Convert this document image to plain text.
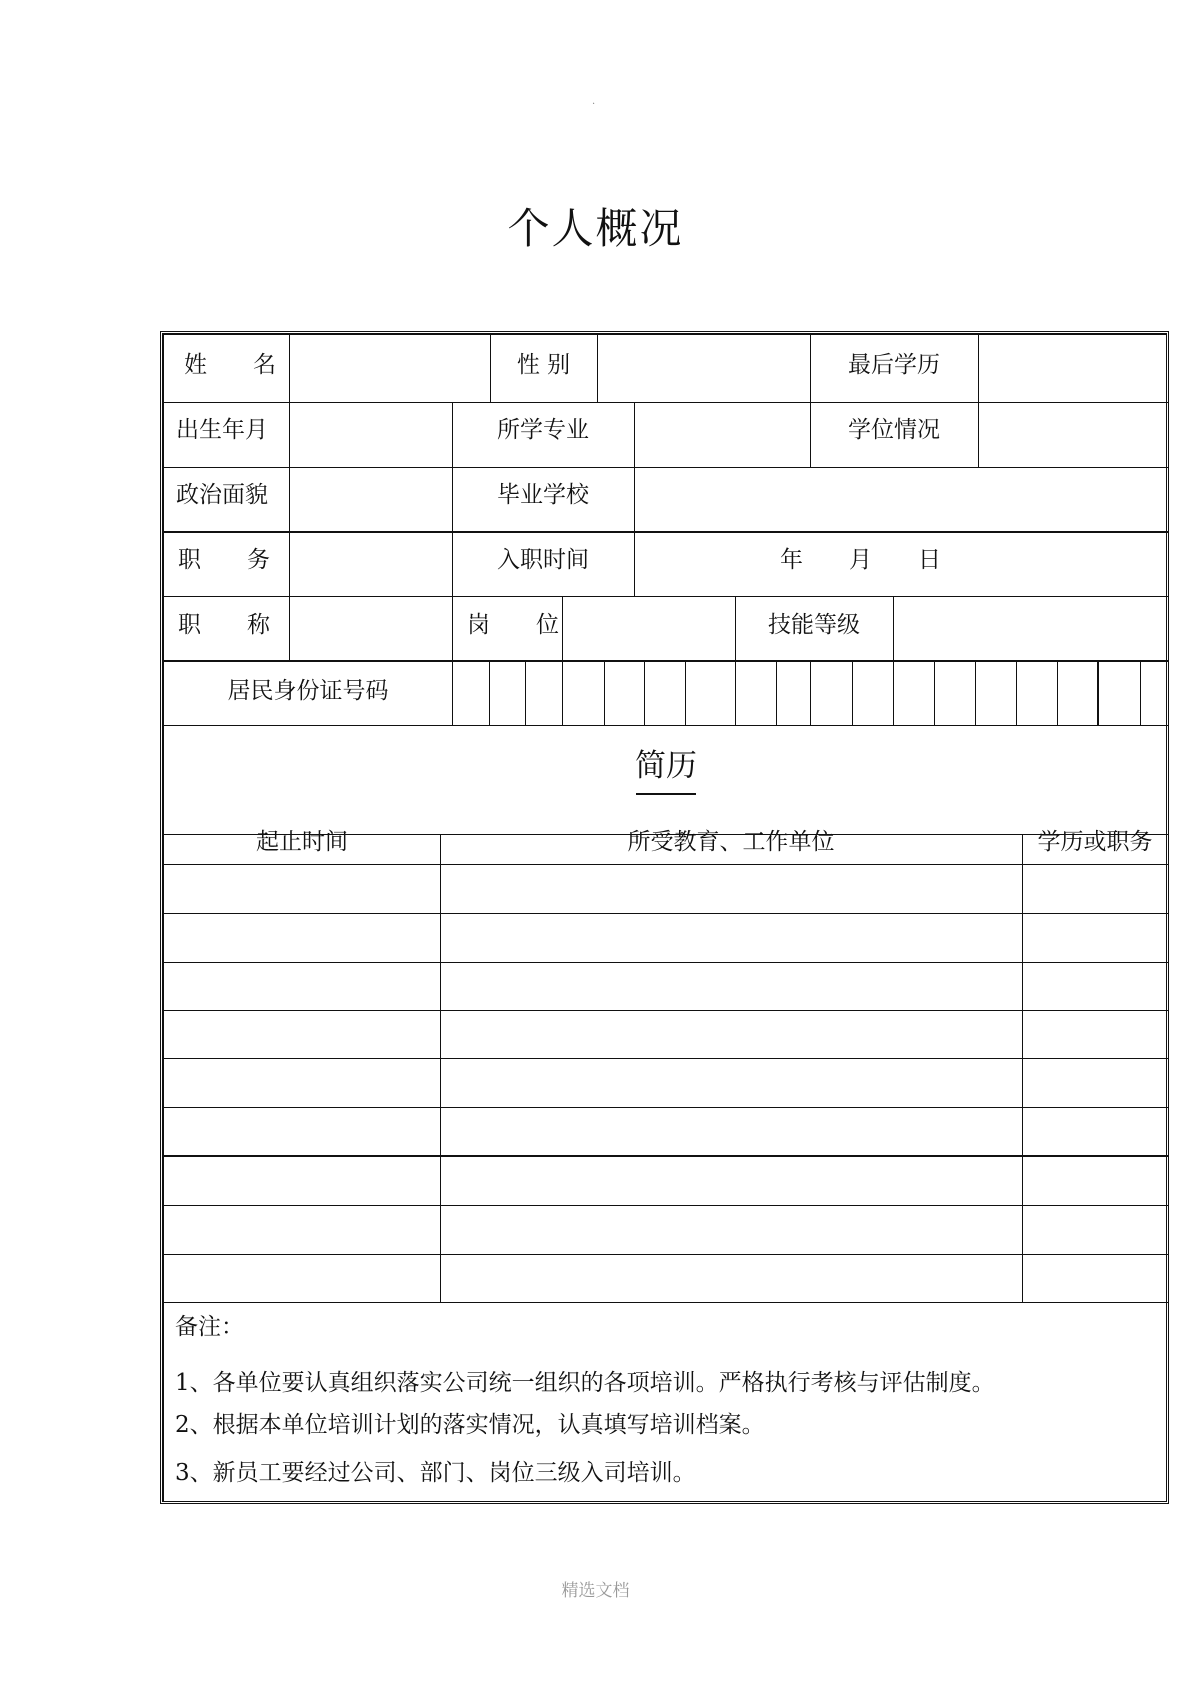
.
个人概况
姓　　名	性 别	最后学历
出生年月	所学专业	学位情况
政治面貌	毕业学校
职　　务	入职时间	年　　月　　日
职　　称	岗　　位	技能等级
居民身份证号码
简历
起止时间	所受教育、工作单位	学历或职务
备注：
1、各单位要认真组织落实公司统一组织的各项培训。严格执行考核与评估制度。
2、根据本单位培训计划的落实情况，认真填写培训档案。
3、新员工要经过公司、部门、岗位三级入司培训。
精选文档
